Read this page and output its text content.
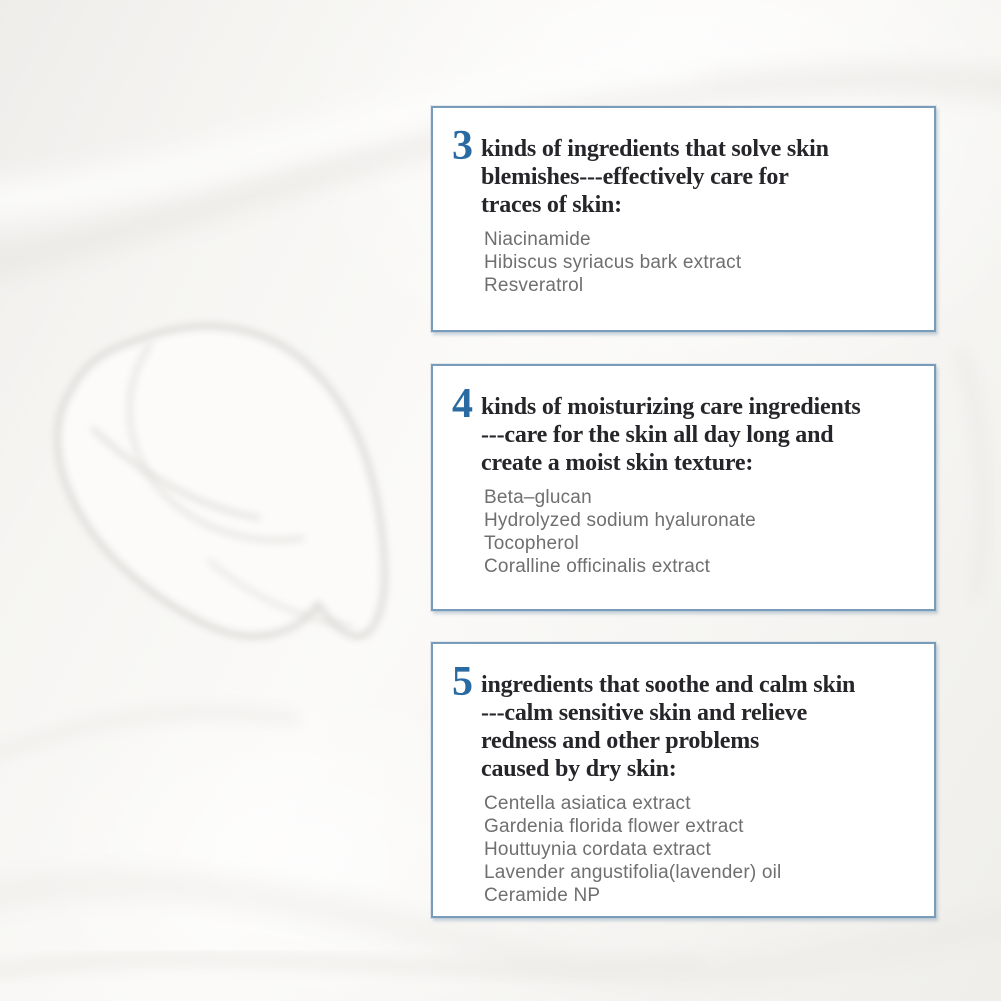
3 kinds of ingredients that solve skin
blemishes---effectively care for
traces of skin:
Niacinamide
Hibiscus syriacus bark extract
Resveratrol
4 kinds of moisturizing care ingredients
---care for the skin all day long and
create a moist skin texture:
Beta–glucan
Hydrolyzed sodium hyaluronate
Tocopherol
Coralline officinalis extract
5 ingredients that soothe and calm skin
---calm sensitive skin and relieve
redness and other problems
caused by dry skin:
Centella asiatica extract
Gardenia florida flower extract
Houttuynia cordata extract
Lavender angustifolia(lavender) oil
Ceramide NP
